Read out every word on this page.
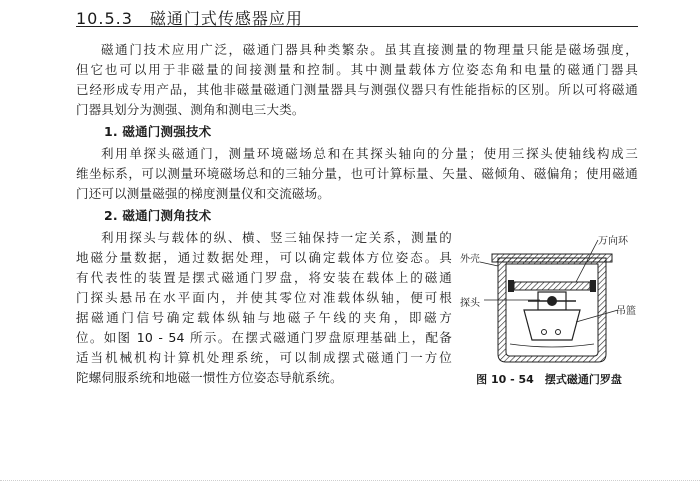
10.5.3　磁通门式传感器应用

磁通门技术应用广泛，磁通门器具种类繁杂。虽其直接测量的物理量只能是磁场强度，

但它也可以用于非磁量的间接测量和控制。其中测量载体方位姿态角和电量的磁通门器具

已经形成专用产品，其他非磁量磁通门测量器具与测强仪器只有性能指标的区别。所以可将磁通

门器具划分为测强、测角和测电三大类。

1. 磁通门测强技术

利用单探头磁通门，测量环境磁场总和在其探头轴向的分量；使用三探头使轴线构成三

维坐标系，可以测量环境磁场总和的三轴分量，也可计算标量、矢量、磁倾角、磁偏角；使用磁通

门还可以测量磁强的梯度测量仪和交流磁场。

2. 磁通门测角技术

利用探头与载体的纵、横、竖三轴保持一定关系，测量的

地磁分量数据，通过数据处理，可以确定载体方位姿态。具

有代表性的装置是摆式磁通门罗盘，将安装在载体上的磁通

门探头悬吊在水平面内，并使其零位对准载体纵轴，便可根

据磁通门信号确定载体纵轴与地磁子午线的夹角，即磁方

位。如图 10 - 54 所示。在摆式磁通门罗盘原理基础上，配备

适当机械机构计算机处理系统，可以制成摆式磁通门一方位

陀螺伺服系统和地磁一惯性方位姿态导航系统。

万向环
外壳
探头
吊篮
图 10 - 54　摆式磁通门罗盘
